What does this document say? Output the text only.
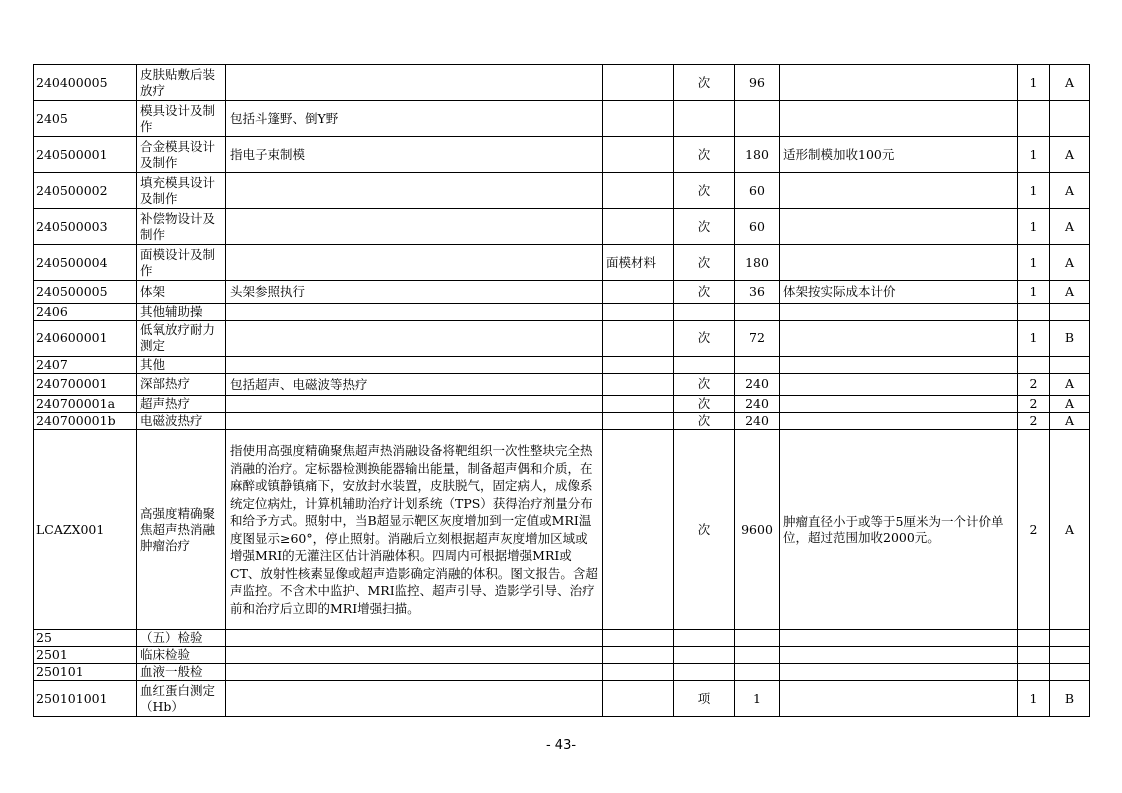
240400005	皮肤贴敷后装放疗			次	96		1	A
2405	模具设计及制作	包括斗篷野、倒Y野						
240500001	合金模具设计及制作	指电子束制模		次	180	适形制模加收100元	1	A
240500002	填充模具设计及制作			次	60		1	A
240500003	补偿物设计及制作			次	60		1	A
240500004	面模设计及制作		面模材料	次	180		1	A
240500005	体架	头架参照执行		次	36	体架按实际成本计价	1	A
2406	其他辅助操							
240600001	低氧放疗耐力测定			次	72		1	B
2407	其他							
240700001	深部热疗	包括超声、电磁波等热疗		次	240		2	A
240700001a	超声热疗			次	240		2	A
240700001b	电磁波热疗			次	240		2	A
LCAZX001	高强度精确聚焦超声热消融肿瘤治疗	指使用高强度精确聚焦超声热消融设备将靶组织一次性整块完全热消融的治疗。定标器检测换能器输出能量，制备超声偶和介质，在麻醉或镇静镇痛下，安放封水装置，皮肤脱气，固定病人，成像系统定位病灶，计算机辅助治疗计划系统（TPS）获得治疗剂量分布和给予方式。照射中，当B超显示靶区灰度增加到一定值或MRI温度图显示≥60°，停止照射。消融后立刻根据超声灰度增加区域或增强MRI的无灌注区估计消融体积。四周内可根据增强MRI或CT、放射性核素显像或超声造影确定消融的体积。图文报告。含超声监控。不含术中监护、MRI监控、超声引导、造影学引导、治疗前和治疗后立即的MRI增强扫描。		次	9600	肿瘤直径小于或等于5厘米为一个计价单位，超过范围加收2000元。	2	A
25	（五）检验							
2501	临床检验							
250101	血液一般检							
250101001	血红蛋白测定（Hb）			项	1		1	B
- 43-
